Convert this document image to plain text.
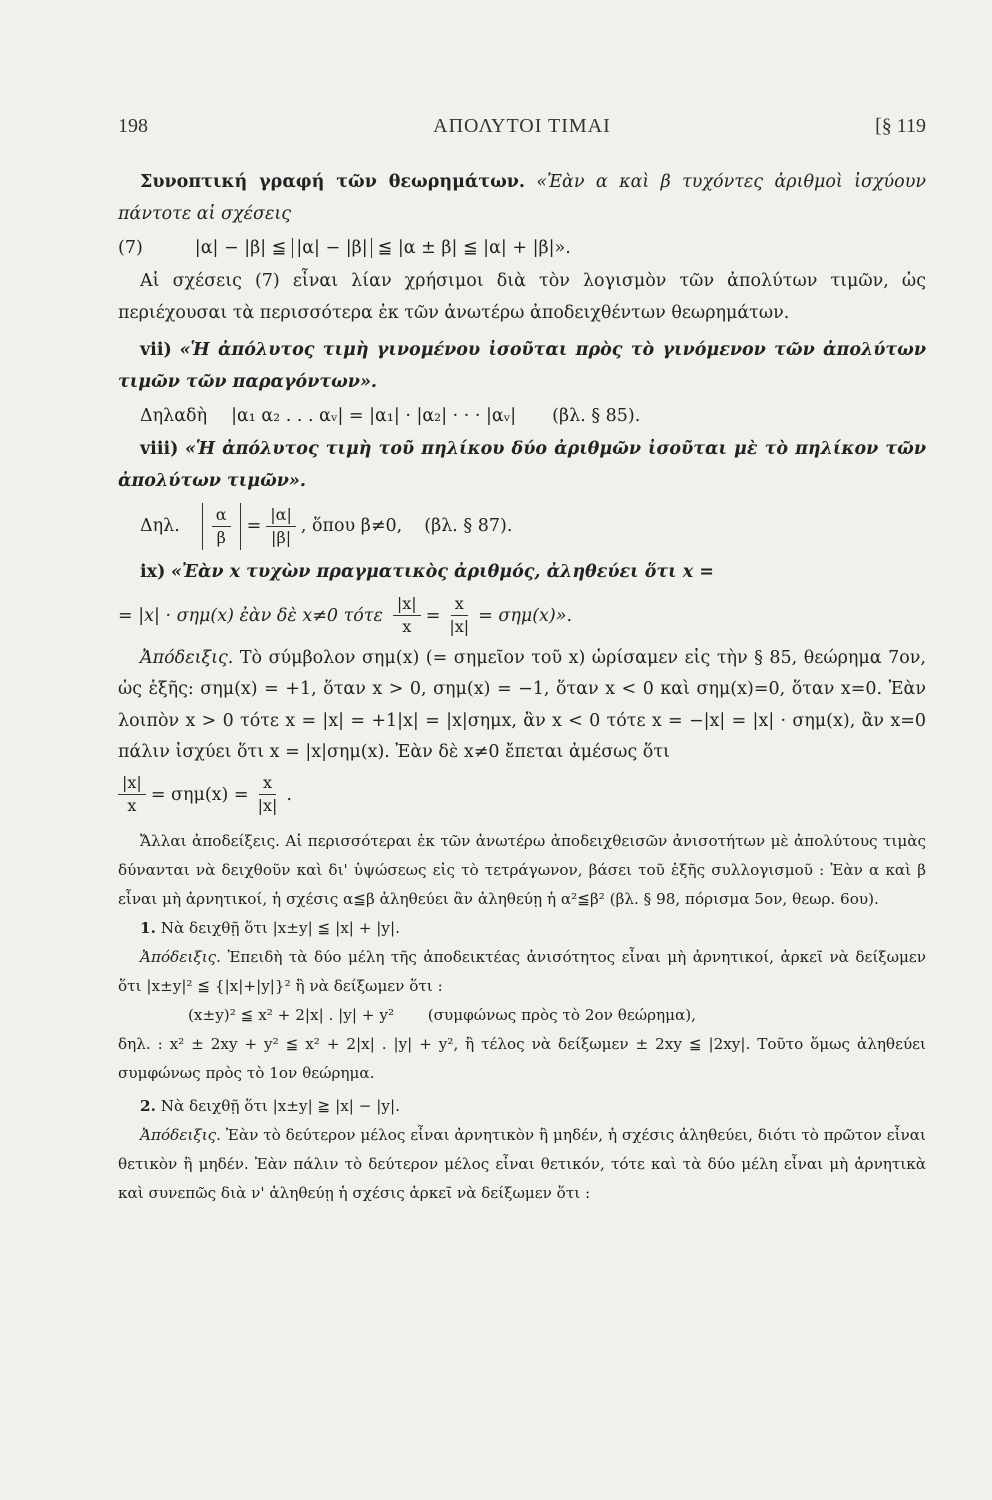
198	ΑΠΟΛΥΤΟΙ ΤΙΜΑΙ	[§ 119

Συνοπτική γραφή τῶν θεωρημάτων. «Ἐὰν α καὶ β τυχόντες ἀριθμοὶ ἰσχύουν πάντοτε αἱ σχέσεις

(7)	|α| − |β| ≦ |α| − |β| ≦ |α ± β| ≦ |α| + |β|».

Αἱ σχέσεις (7) εἶναι λίαν χρήσιμοι διὰ τὸν λογισμὸν τῶν ἀπολύτων τιμῶν, ὡς περιέχουσαι τὰ περισσότερα ἐκ τῶν ἀνωτέρω ἀποδειχθέντων θεωρημάτων.

vii) «Ἡ ἀπόλυτος τιμὴ γινομένου ἰσοῦται πρὸς τὸ γινόμενον τῶν ἀπολύτων τιμῶν τῶν παραγόντων».

Δηλαδὴ |α₁ α₂ . . . αᵥ| = |α₁| · |α₂| · · · |αᵥ| (βλ. § 85).

viii) «Ἡ ἀπόλυτος τιμὴ τοῦ πηλίκου δύο ἀριθμῶν ἰσοῦται μὲ τὸ πηλίκον τῶν ἀπολύτων τιμῶν».

Δηλ. $\frac{\alpha}{\beta} = \frac{|\alpha|}{|\beta|}$ , ὅπου β≠0, (βλ. § 87).

ix) «Ἐὰν x τυχὼν πραγματικὸς ἀριθμός, ἀληθεύει ὅτι x =

= |x| · σημ(x) ἐὰν δὲ x≠0 τότε $\frac{|x|}{x} = \frac{x}{|x|} = \sigma\eta\mu(x)$».

Ἀπόδειξις. Τὸ σύμβολον σημ(x) (= σημεῖον τοῦ x) ὡρίσαμεν εἰς τὴν § 85, θεώρημα 7ον, ὡς ἑξῆς: σημ(x) = +1, ὅταν x > 0, σημ(x) = −1, ὅταν x < 0 καὶ σημ(x)=0, ὅταν x=0. Ἐὰν λοιπὸν x > 0 τότε x = |x| = +1|x| = |x|σημx, ἂν x < 0 τότε x = −|x| = |x| · σημ(x), ἂν x=0 πάλιν ἰσχύει ὅτι x = |x|σημ(x). Ἐὰν δὲ x≠0 ἔπεται ἀμέσως ὅτι

$\frac{|x|}{x} = \sigma\eta\mu(x) = \frac{x}{|x|}$ .

Ἄλλαι ἀποδείξεις. Αἱ περισσότεραι ἐκ τῶν ἀνωτέρω ἀποδειχθεισῶν ἀνισοτήτων μὲ ἀπολύτους τιμὰς δύνανται νὰ δειχθοῦν καὶ δι' ὑψώσεως εἰς τὸ τετράγωνον, βάσει τοῦ ἑξῆς συλλογισμοῦ : Ἐὰν α καὶ β εἶναι μὴ ἀρνητικοί, ἡ σχέσις α≦β ἀληθεύει ἂν ἀληθεύῃ ἡ α²≦β² (βλ. § 98, πόρισμα 5ον, θεωρ. 6ου).

1. Νὰ δειχθῇ ὅτι |x±y| ≦ |x| + |y|.

Ἀπόδειξις. Ἐπειδὴ τὰ δύο μέλη τῆς ἀποδεικτέας ἀνισότητος εἶναι μὴ ἀρνητικοί, ἀρκεῖ νὰ δείξωμεν ὅτι |x±y|² ≦ {|x|+|y|}² ἢ νὰ δείξωμεν ὅτι :

(x±y)² ≦ x² + 2|x| . |y| + y² (συμφώνως πρὸς τὸ 2ον θεώρημα),

δηλ. : x² ± 2xy + y² ≦ x² + 2|x| . |y| + y², ἢ τέλος νὰ δείξωμεν ± 2xy ≦ |2xy|. Τοῦτο ὅμως ἀληθεύει συμφώνως πρὸς τὸ 1ον θεώρημα.

2. Νὰ δειχθῇ ὅτι |x±y| ≧ |x| − |y|.

Ἀπόδειξις. Ἐὰν τὸ δεύτερον μέλος εἶναι ἀρνητικὸν ἢ μηδέν, ἡ σχέσις ἀληθεύει, διότι τὸ πρῶτον εἶναι θετικὸν ἢ μηδέν. Ἐὰν πάλιν τὸ δεύτερον μέλος εἶναι θετικόν, τότε καὶ τὰ δύο μέλη εἶναι μὴ ἀρνητικὰ καὶ συνεπῶς διὰ ν' ἀληθεύῃ ἡ σχέσις ἀρκεῖ νὰ δείξωμεν ὅτι :
